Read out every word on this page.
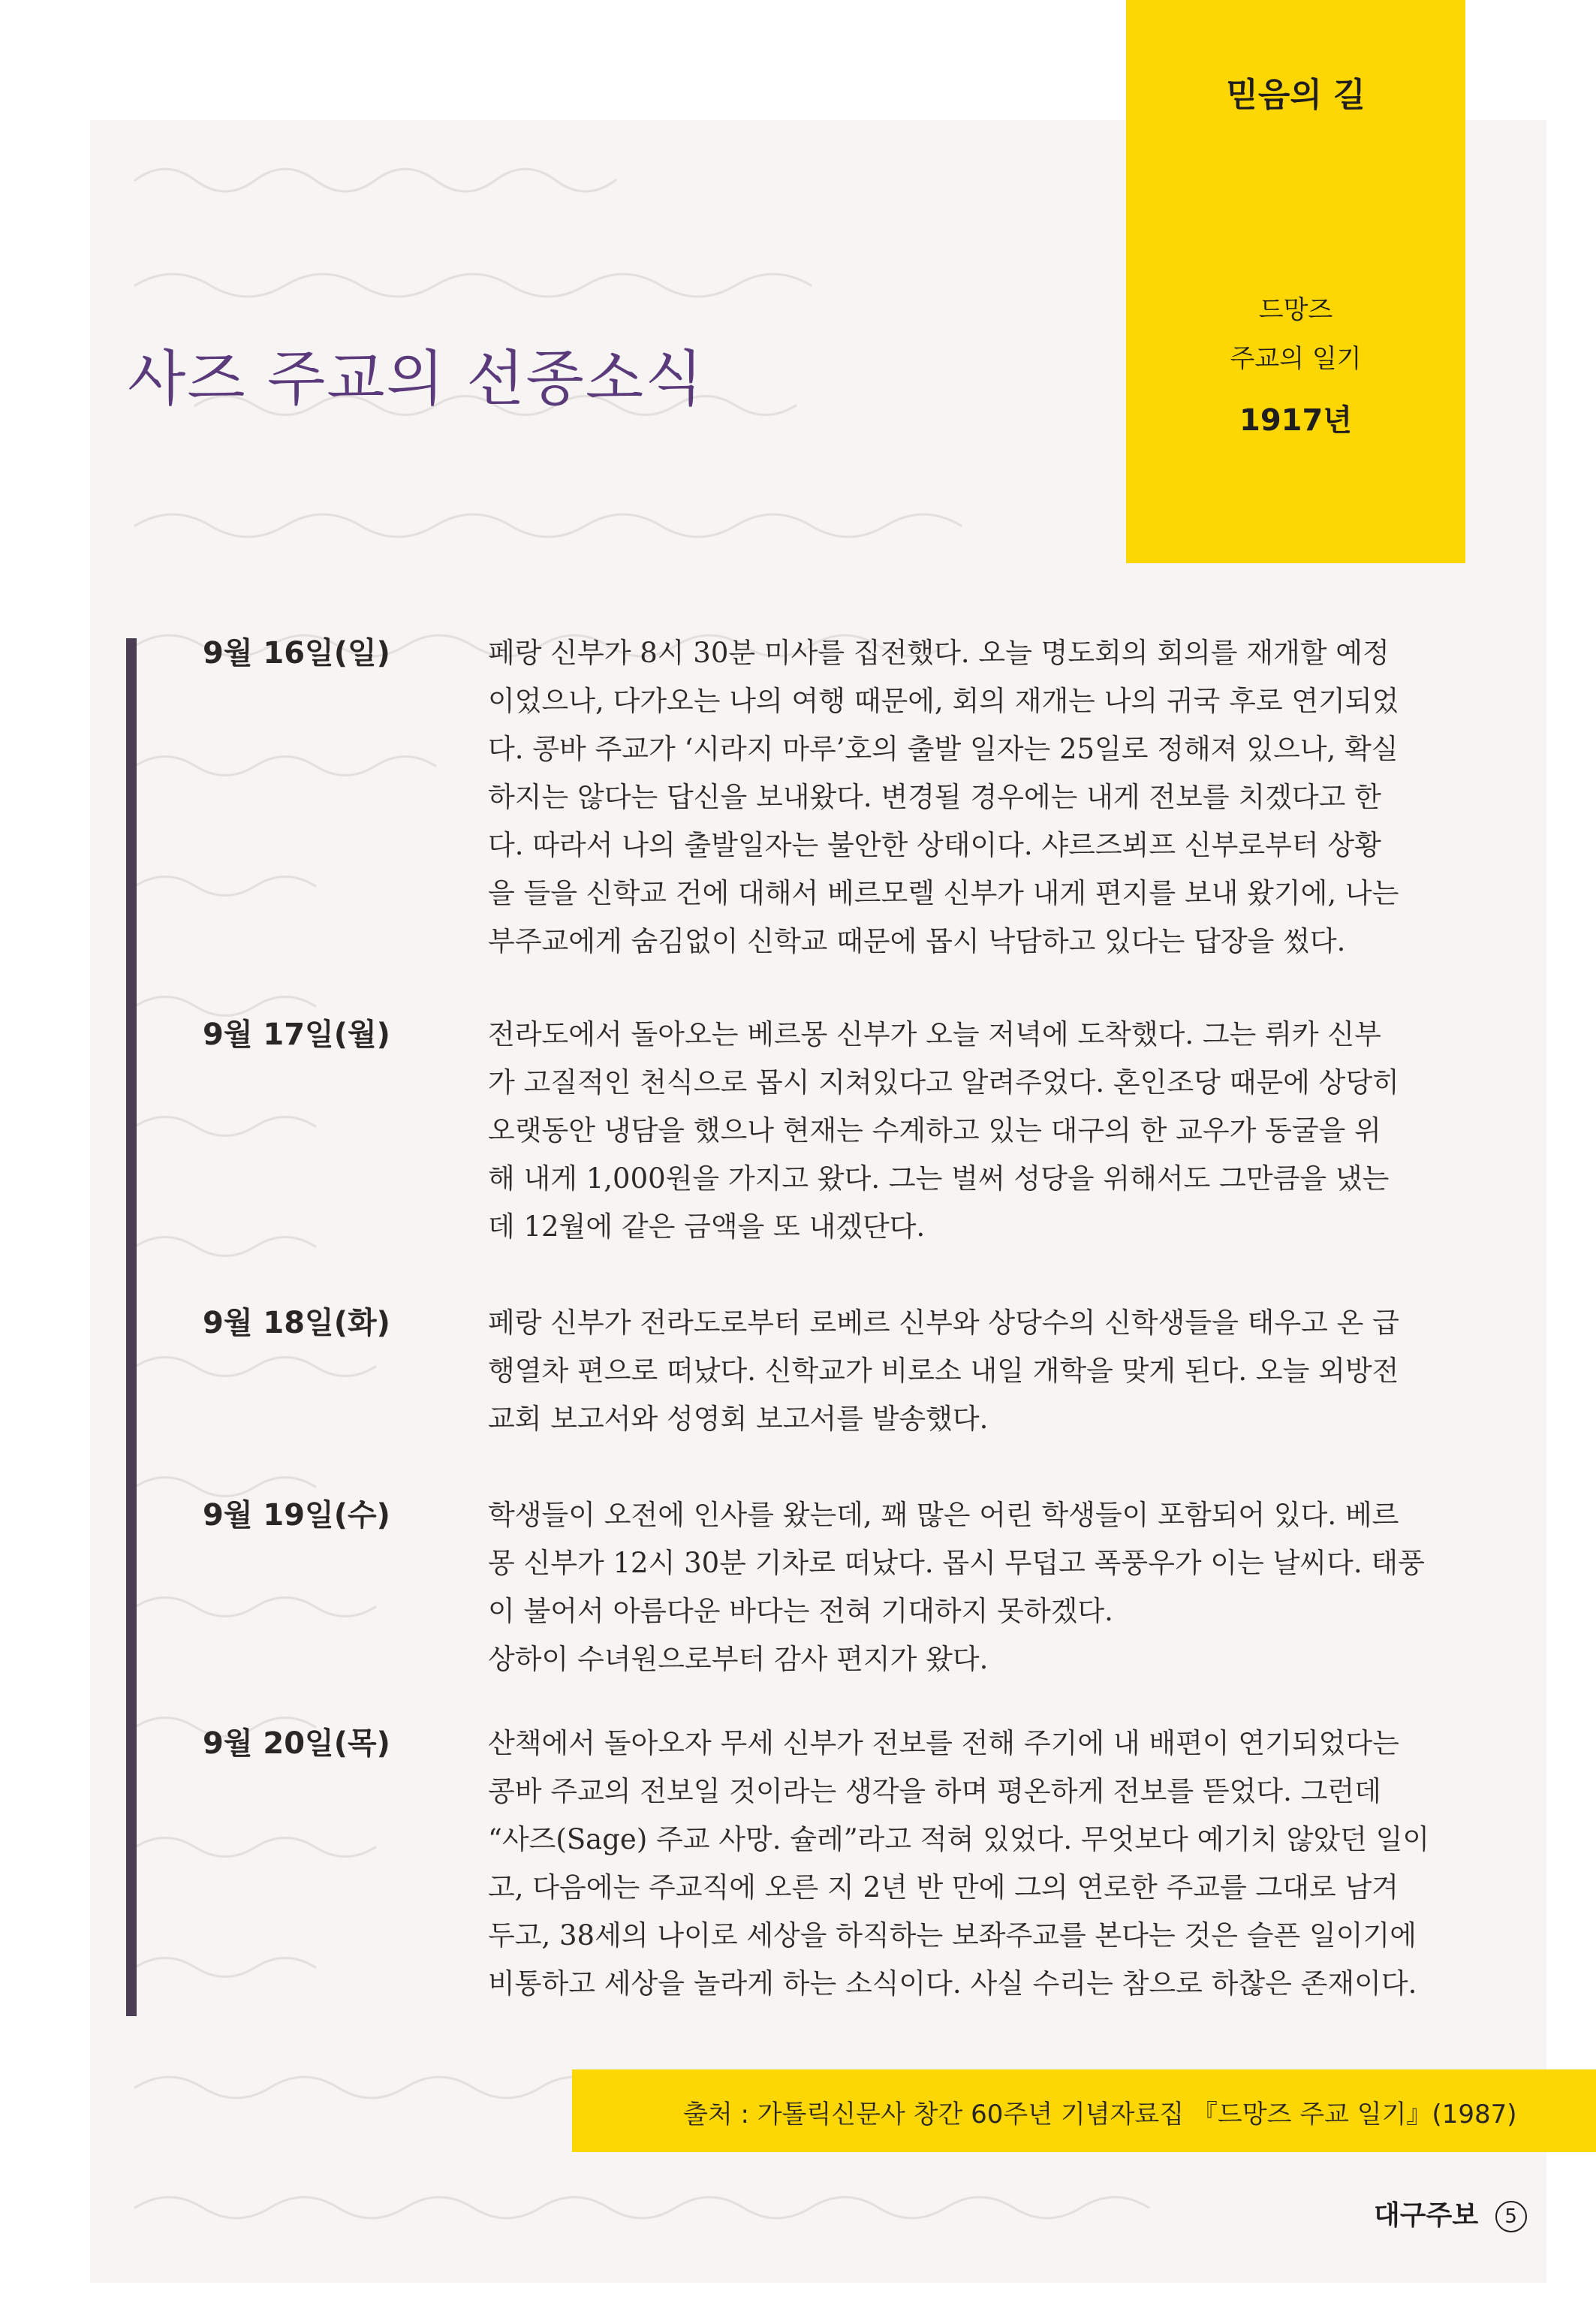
믿음의 길
드망즈
주교의 일기
1917년
사즈 주교의 선종소식
9월 16일(일)	페랑 신부가 8시 30분 미사를 집전했다. 오늘 명도회의 회의를 재개할 예정
이었으나, 다가오는 나의 여행 때문에, 회의 재개는 나의 귀국 후로 연기되었
다. 콩바 주교가 ‘시라지 마루’호의 출발 일자는 25일로 정해져 있으나, 확실
하지는 않다는 답신을 보내왔다. 변경될 경우에는 내게 전보를 치겠다고 한
다. 따라서 나의 출발일자는 불안한 상태이다. 샤르즈뵈프 신부로부터 상황
을 들을 신학교 건에 대해서 베르모렐 신부가 내게 편지를 보내 왔기에, 나는
부주교에게 숨김없이 신학교 때문에 몹시 낙담하고 있다는 답장을 썼다.
9월 17일(월)	전라도에서 돌아오는 베르몽 신부가 오늘 저녁에 도착했다. 그는 뤼카 신부
가 고질적인 천식으로 몹시 지쳐있다고 알려주었다. 혼인조당 때문에 상당히
오랫동안 냉담을 했으나 현재는 수계하고 있는 대구의 한 교우가 동굴을 위
해 내게 1,000원을 가지고 왔다. 그는 벌써 성당을 위해서도 그만큼을 냈는
데 12월에 같은 금액을 또 내겠단다.
9월 18일(화)	페랑 신부가 전라도로부터 로베르 신부와 상당수의 신학생들을 태우고 온 급
행열차 편으로 떠났다. 신학교가 비로소 내일 개학을 맞게 된다. 오늘 외방전
교회 보고서와 성영회 보고서를 발송했다.
9월 19일(수)	학생들이 오전에 인사를 왔는데, 꽤 많은 어린 학생들이 포함되어 있다. 베르
몽 신부가 12시 30분 기차로 떠났다. 몹시 무덥고 폭풍우가 이는 날씨다. 태풍
이 불어서 아름다운 바다는 전혀 기대하지 못하겠다.
상하이 수녀원으로부터 감사 편지가 왔다.
9월 20일(목)	산책에서 돌아오자 무세 신부가 전보를 전해 주기에 내 배편이 연기되었다는
콩바 주교의 전보일 것이라는 생각을 하며 평온하게 전보를 뜯었다. 그런데
“사즈(Sage) 주교 사망. 슐레”라고 적혀 있었다. 무엇보다 예기치 않았던 일이
고, 다음에는 주교직에 오른 지 2년 반 만에 그의 연로한 주교를 그대로 남겨
두고, 38세의 나이로 세상을 하직하는 보좌주교를 본다는 것은 슬픈 일이기에
비통하고 세상을 놀라게 하는 소식이다. 사실 수리는 참으로 하찮은 존재이다.
출처 : 가톨릭신문사 창간 60주년 기념자료집 『드망즈 주교 일기』(1987)
대구주보 5
